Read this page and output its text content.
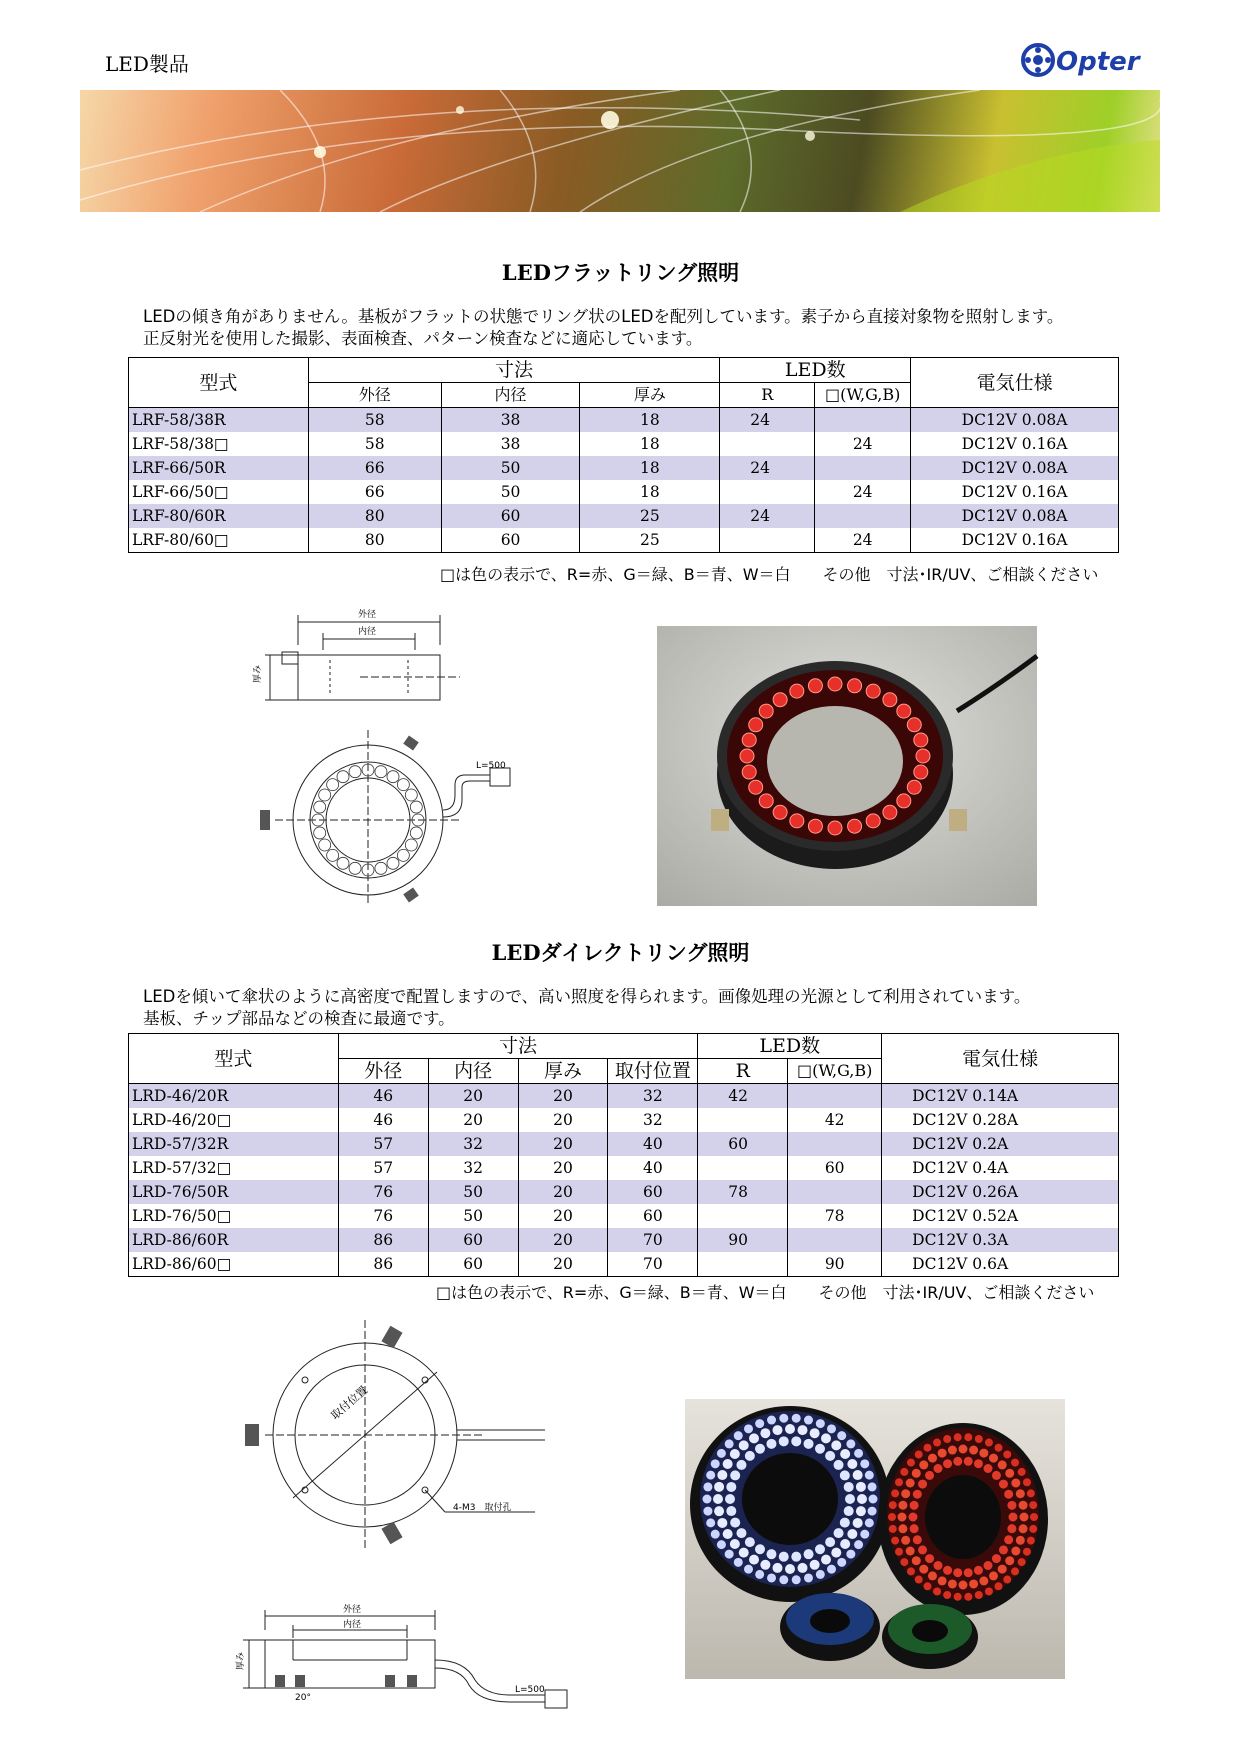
LED製品	Opter
LEDフラットリング照明
LEDの傾き角がありません。基板がフラットの状態でリング状のLEDを配列しています。素子から直接対象物を照射します。
正反射光を使用した撮影、表面検査、パターン検査などに適応しています。
型式	寸法			LED数		電気仕様
	外径	内径	厚み	R	□(W,G,B)	
LRF-58/38R	58	38	18	24		DC12V 0.08A
LRF-58/38□	58	38	18		24	DC12V 0.16A
LRF-66/50R	66	50	18	24		DC12V 0.08A
LRF-66/50□	66	50	18		24	DC12V 0.16A
LRF-80/60R	80	60	25	24		DC12V 0.08A
LRF-80/60□	80	60	25		24	DC12V 0.16A
□は色の表示で、R=赤、G＝緑、B＝青、W＝白　　その他　寸法･IR/UV、ご相談ください
外径
内径
厚み
L=500
LEDダイレクトリング照明
LEDを傾いて傘状のように高密度で配置しますので、高い照度を得られます。画像処理の光源として利用されています。
基板、チップ部品などの検査に最適です。
型式	寸法				LED数		電気仕様
	外径	内径	厚み	取付位置	R	□(W,G,B)	
LRD-46/20R	46	20	20	32	42		DC12V 0.14A
LRD-46/20□	46	20	20	32		42	DC12V 0.28A
LRD-57/32R	57	32	20	40	60		DC12V 0.2A
LRD-57/32□	57	32	20	40		60	DC12V 0.4A
LRD-76/50R	76	50	20	60	78		DC12V 0.26A
LRD-76/50□	76	50	20	60		78	DC12V 0.52A
LRD-86/60R	86	60	20	70	90		DC12V 0.3A
LRD-86/60□	86	60	20	70		90	DC12V 0.6A
□は色の表示で、R=赤、G＝緑、B＝青、W＝白　　その他　寸法･IR/UV、ご相談ください
取付位置
4-M3　取付孔
外径
内径
厚み
20°
L=500
